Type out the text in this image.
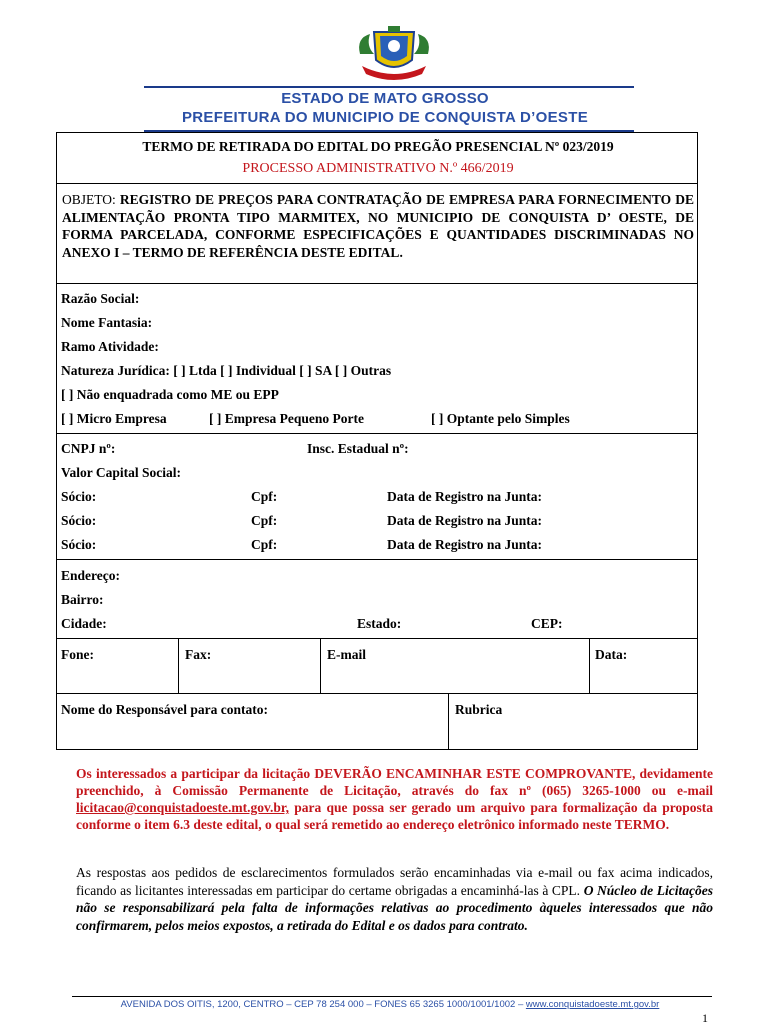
ESTADO DE MATO GROSSO
PREFEITURA DO MUNICIPIO DE CONQUISTA D’OESTE
TERMO DE RETIRADA DO EDITAL DO PREGÃO PRESENCIAL Nº 023/2019
PROCESSO ADMINISTRATIVO N.º 466/2019
OBJETO: REGISTRO DE PREÇOS PARA CONTRATAÇÃO DE EMPRESA PARA FORNECIMENTO DE ALIMENTAÇÃO PRONTA TIPO MARMITEX, NO MUNICIPIO DE CONQUISTA D’ OESTE, DE FORMA PARCELADA, CONFORME ESPECIFICAÇÕES E QUANTIDADES DISCRIMINADAS NO ANEXO I – TERMO DE REFERÊNCIA DESTE EDITAL.
Razão Social:
Nome Fantasia:
Ramo Atividade:
Natureza Jurídica: [ ] Ltda [ ] Individual [ ] SA [ ] Outras
[ ] Não enquadrada como ME ou EPP
[ ] Micro Empresa	[ ] Empresa Pequeno Porte	[ ] Optante pelo Simples
CNPJ nº:	Insc. Estadual nº:
Valor Capital Social:
Sócio:	Cpf:	Data de Registro na Junta:
Sócio:	Cpf:	Data de Registro na Junta:
Sócio:	Cpf:	Data de Registro na Junta:
Endereço:
Bairro:
Cidade:	Estado:	CEP:
Fone:	Fax:	E-mail	Data:
Nome do Responsável para contato:	Rubrica
Os interessados a participar da licitação DEVERÃO ENCAMINHAR ESTE COMPROVANTE, devidamente preenchido, à Comissão Permanente de Licitação, através do fax nº (065) 3265-1000 ou e-mail licitacao@conquistadoeste.mt.gov.br, para que possa ser gerado um arquivo para formalização da proposta conforme o item 6.3 deste edital, o qual será remetido ao endereço eletrônico informado neste TERMO.
As respostas aos pedidos de esclarecimentos formulados serão encaminhadas via e-mail ou fax acima indicados, ficando as licitantes interessadas em participar do certame obrigadas a encaminhá-las à CPL. O Núcleo de Licitações não se responsabilizará pela falta de informações relativas ao procedimento àqueles interessados que não confirmarem, pelos meios expostos, a retirada do Edital e os dados para contrato.
AVENIDA DOS OITIS, 1200, CENTRO – CEP 78 254 000 – FONES 65 3265 1000/1001/1002 – www.conquistadoeste.mt.gov.br
1
